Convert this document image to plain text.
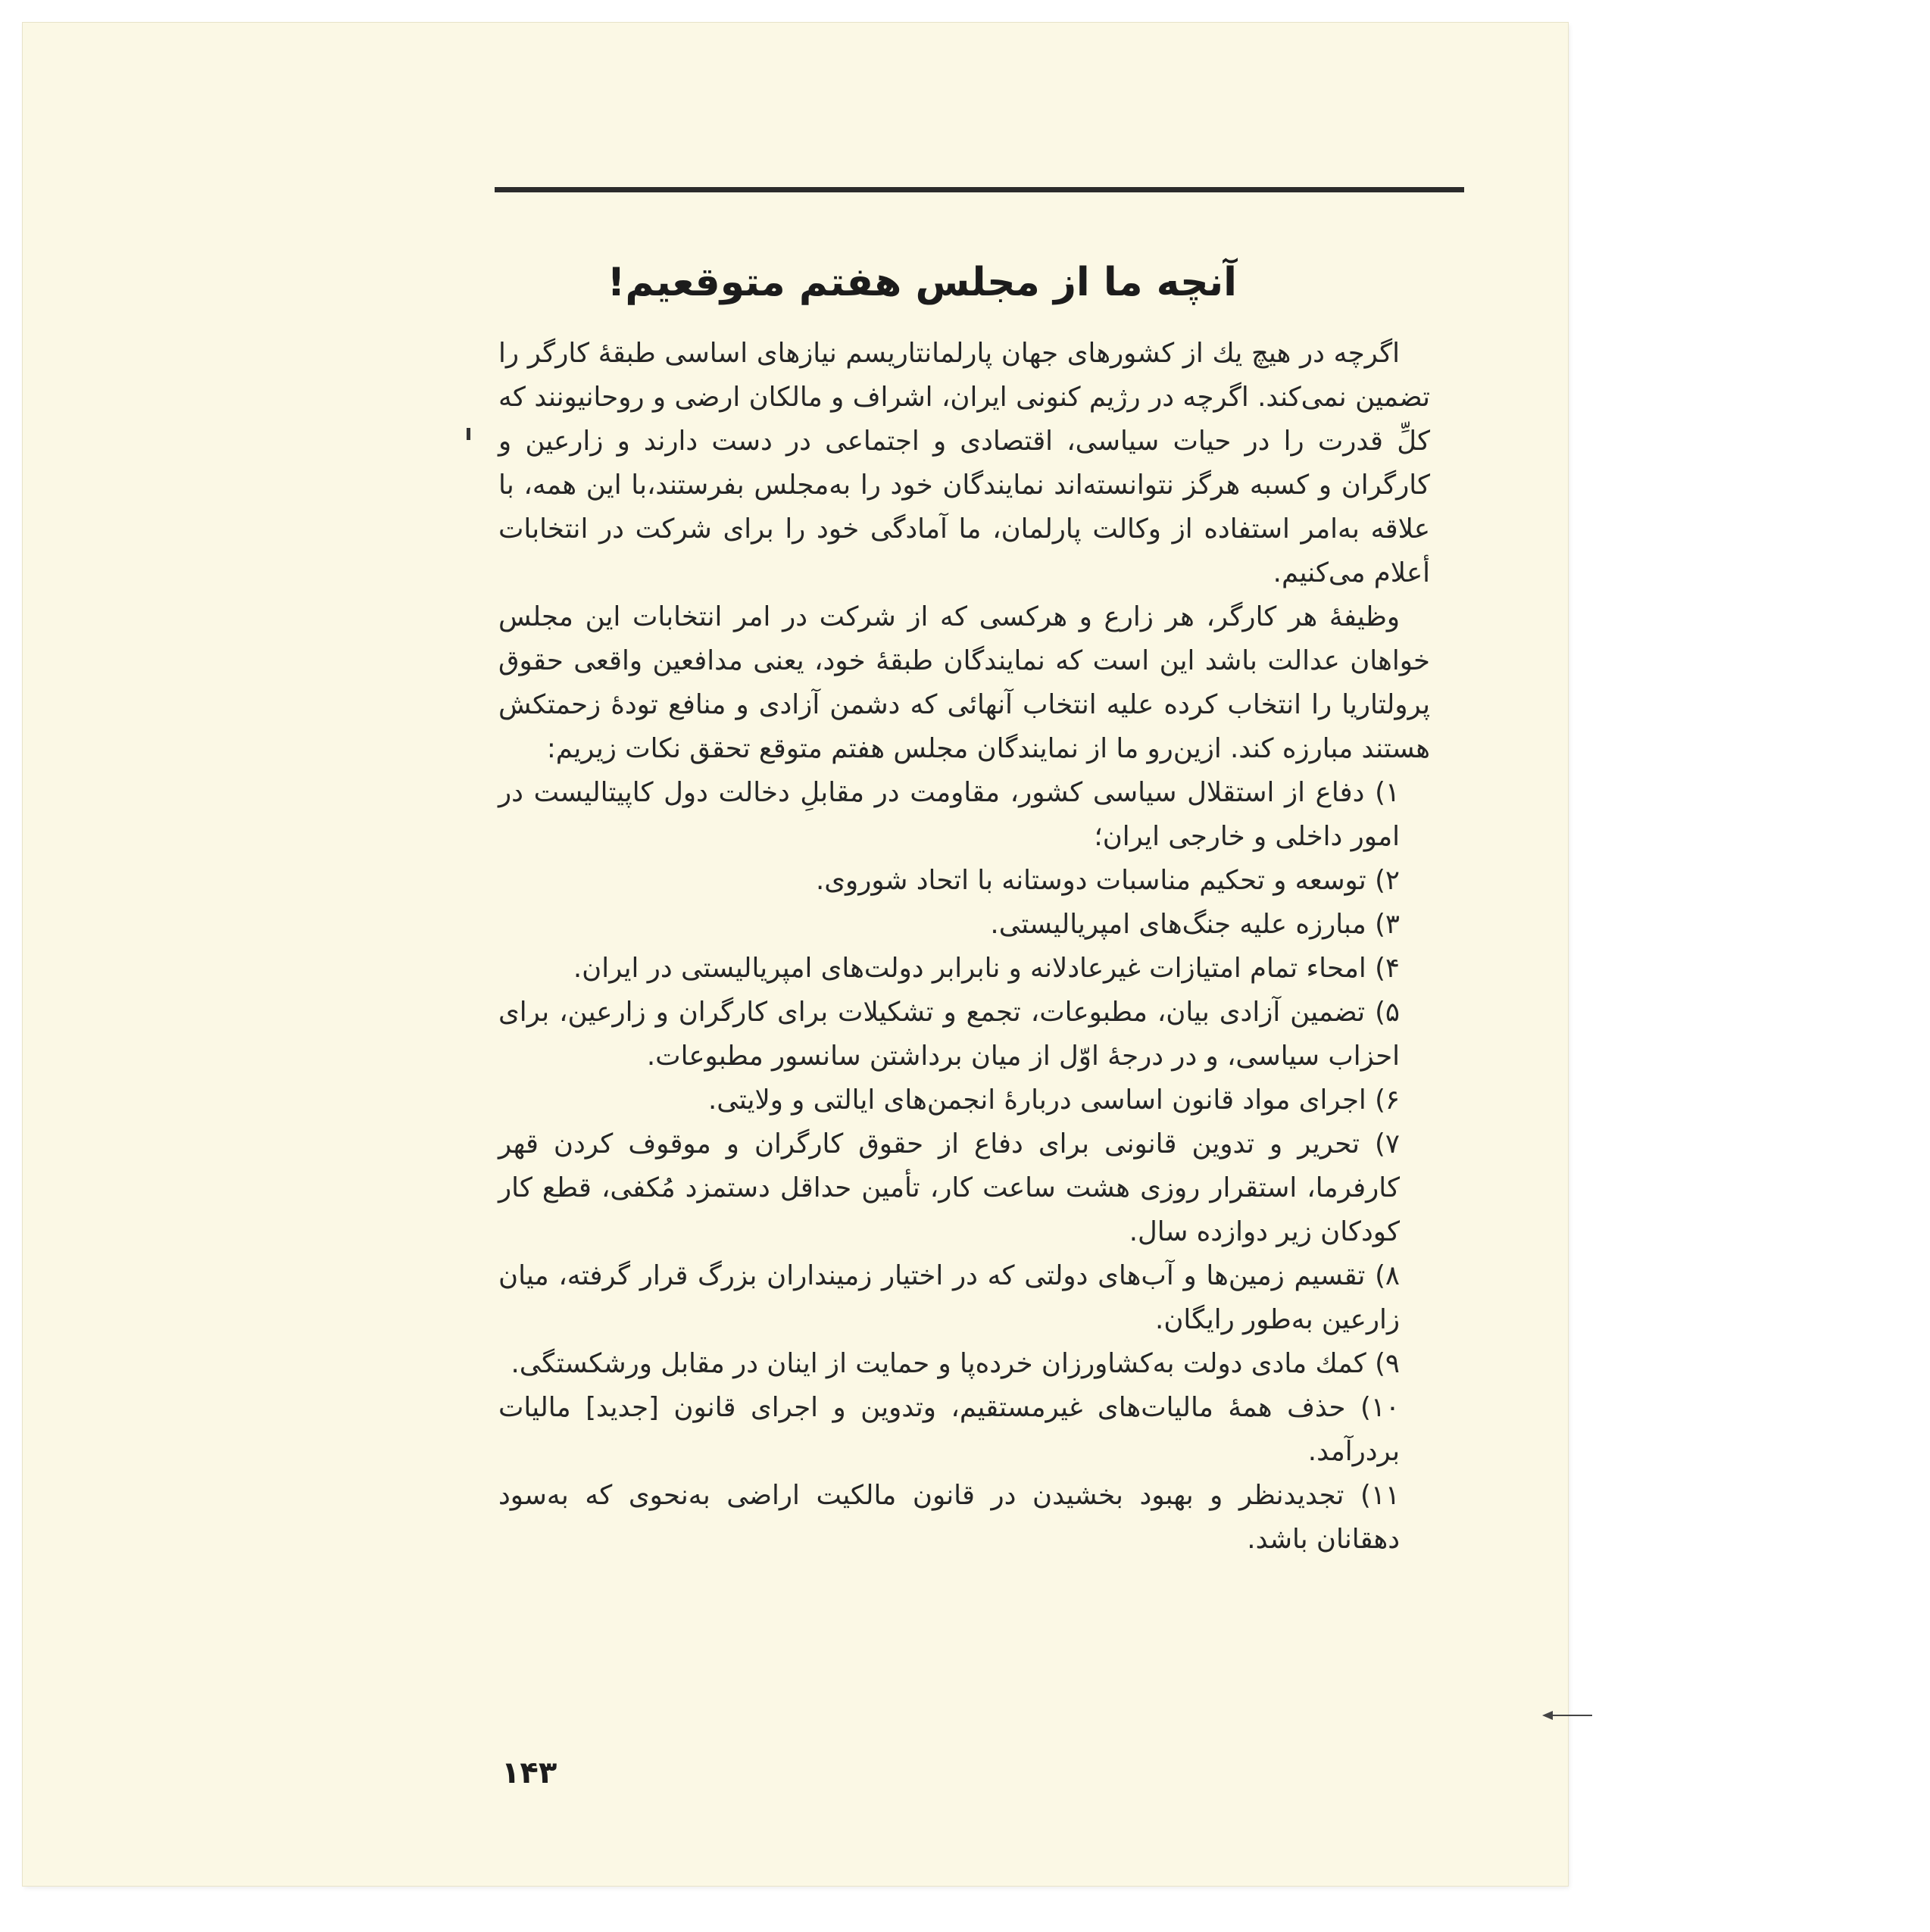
آنچه ما از مجلس هفتم متوقعیم!

اگرچه در هیچ یك از کشورهای جهان پارلمانتاریسم نیازهای اساسی طبقهٔ کارگر را تضمین نمی‌کند. اگرچه در رژیم کنونی ایران، اشراف و مالکان ارضی و روحانیونند که کلِّ قدرت را در حیات سیاسی، اقتصادی و اجتماعی در دست دارند و زارعین و کارگران و کسبه هرگز نتوانسته‌اند نمایندگان خود را به‌مجلس بفرستند،با این همه، با علاقه به‌امر استفاده از وکالت پارلمان، ما آمادگی خود را برای شرکت در انتخابات أعلام می‌کنیم.

وظیفهٔ هر کارگر، هر زارع و هرکسی که از شرکت در امر انتخابات این مجلس خواهان عدالت باشد این است که نمایندگان طبقهٔ خود، یعنی مدافعین واقعی حقوق پرولتاریا را انتخاب کرده علیه انتخاب آنهائی که دشمن آزادی و منافع تودهٔ زحمتکش هستند مبارزه کند. ازین‌رو ما از نمایندگان مجلس هفتم متوقع تحقق نکات زیریم:

۱) دفاع از استقلال سیاسی کشور، مقاومت در مقابلِ دخالت دول کاپیتالیست در امور داخلی و خارجی ایران؛

۲) توسعه و تحکیم مناسبات دوستانه با اتحاد شوروی.

۳) مبارزه علیه جنگ‌های امپریالیستی.

۴) امحاء تمام امتیازات غیرعادلانه و نابرابر دولت‌های امپریالیستی در ایران.

۵) تضمین آزادی بیان، مطبوعات، تجمع و تشکیلات برای کارگران و زارعین، برای احزاب سیاسی، و در درجهٔ اوّل از میان برداشتن سانسور مطبوعات.

۶) اجرای مواد قانون اساسی دربارهٔ انجمن‌های ایالتی و ولایتی.

۷) تحریر و تدوین قانونی برای دفاع از حقوق کارگران و موقوف کردن قهر کارفرما، استقرار روزی هشت ساعت کار، تأمین حداقل دستمزد مُکفی، قطع کار کودکان زیر دوازده سال.

۸) تقسیم زمین‌ها و آب‌های دولتی که در اختیار زمینداران بزرگ قرار گرفته، میان زارعین به‌طور رایگان.

۹) کمك مادی دولت به‌کشاورزان خرده‌پا و حمایت از اینان در مقابل ورشکستگی.

۱۰) حذف همهٔ مالیات‌های غیرمستقیم، وتدوین و اجرای قانون [جدید] مالیات بردرآمد.

۱۱) تجدیدنظر و بهبود بخشیدن در قانون مالکیت اراضی به‌نحوی که به‌سود دهقانان باشد.

۱۴۳
